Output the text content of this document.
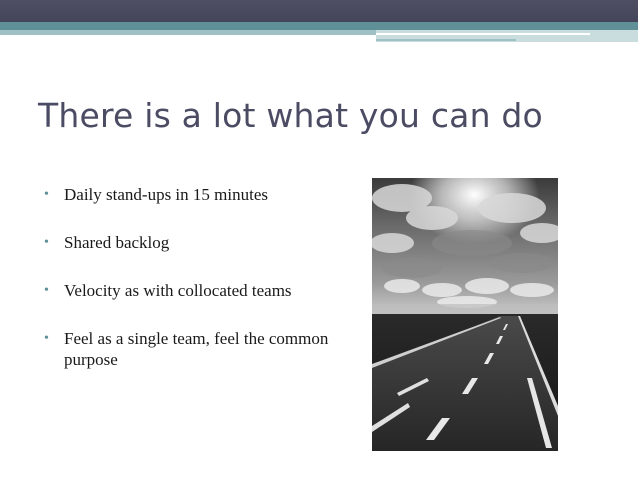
There is a lot what you can do
• Daily stand-ups in 15 minutes
• Shared backlog
• Velocity as with collocated teams
• Feel as a single team, feel the common purpose
